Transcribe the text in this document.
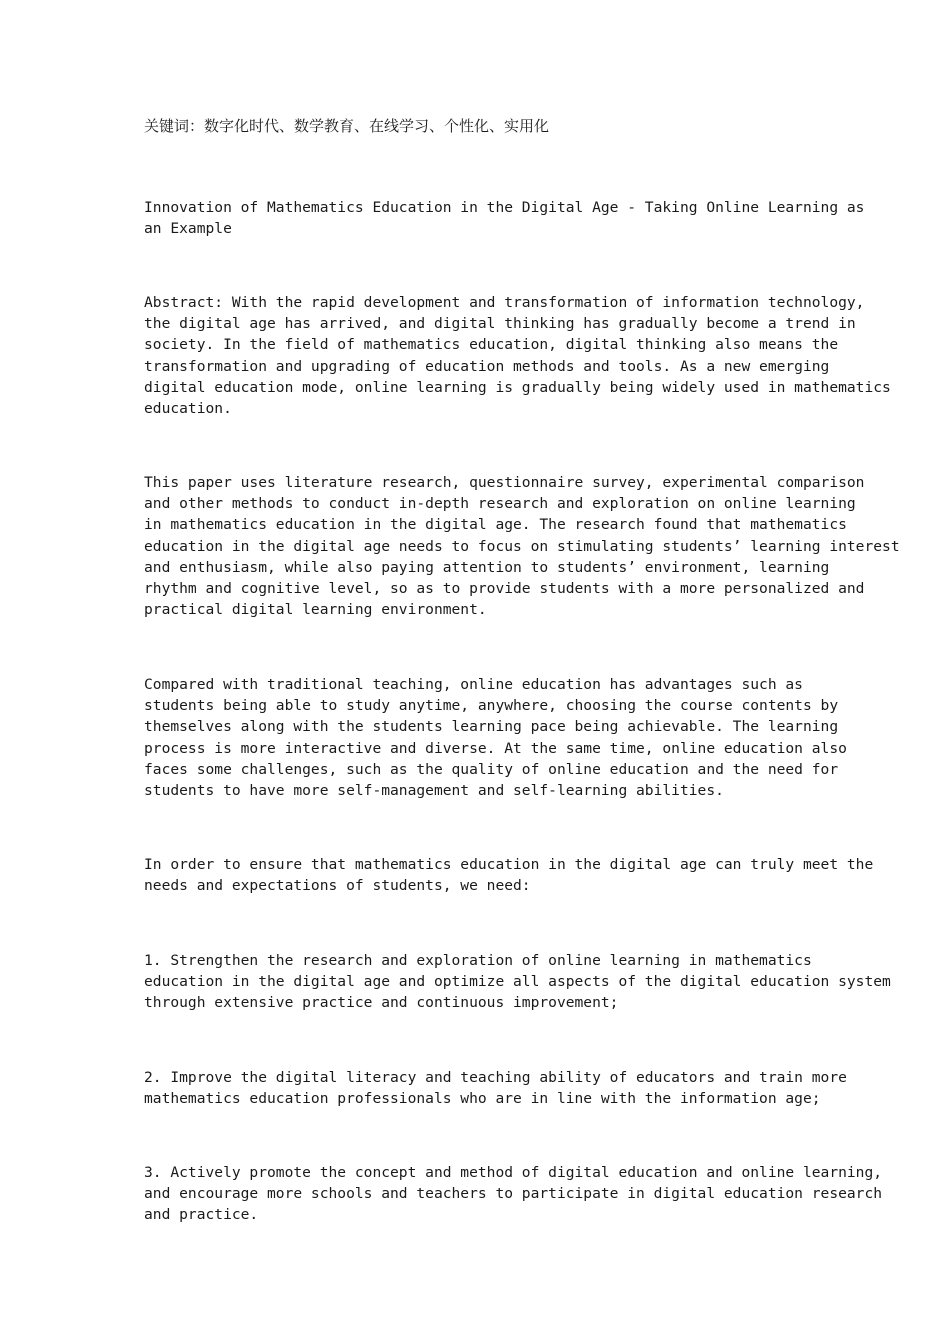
关键词：数字化时代、数学教育、在线学习、个性化、实用化

Innovation of Mathematics Education in the Digital Age - Taking Online Learning as
an Example

Abstract: With the rapid development and transformation of information technology,
the digital age has arrived, and digital thinking has gradually become a trend in
society. In the field of mathematics education, digital thinking also means the
transformation and upgrading of education methods and tools. As a new emerging
digital education mode, online learning is gradually being widely used in mathematics
education.

This paper uses literature research, questionnaire survey, experimental comparison
and other methods to conduct in-depth research and exploration on online learning
in mathematics education in the digital age. The research found that mathematics
education in the digital age needs to focus on stimulating students’ learning interest
and enthusiasm, while also paying attention to students’ environment, learning
rhythm and cognitive level, so as to provide students with a more personalized and
practical digital learning environment.

Compared with traditional teaching, online education has advantages such as
students being able to study anytime, anywhere, choosing the course contents by
themselves along with the students learning pace being achievable. The learning
process is more interactive and diverse. At the same time, online education also
faces some challenges, such as the quality of online education and the need for
students to have more self-management and self-learning abilities.

In order to ensure that mathematics education in the digital age can truly meet the
needs and expectations of students, we need:

1. Strengthen the research and exploration of online learning in mathematics
education in the digital age and optimize all aspects of the digital education system
through extensive practice and continuous improvement;

2. Improve the digital literacy and teaching ability of educators and train more
mathematics education professionals who are in line with the information age;

3. Actively promote the concept and method of digital education and online learning,
and encourage more schools and teachers to participate in digital education research
and practice.
